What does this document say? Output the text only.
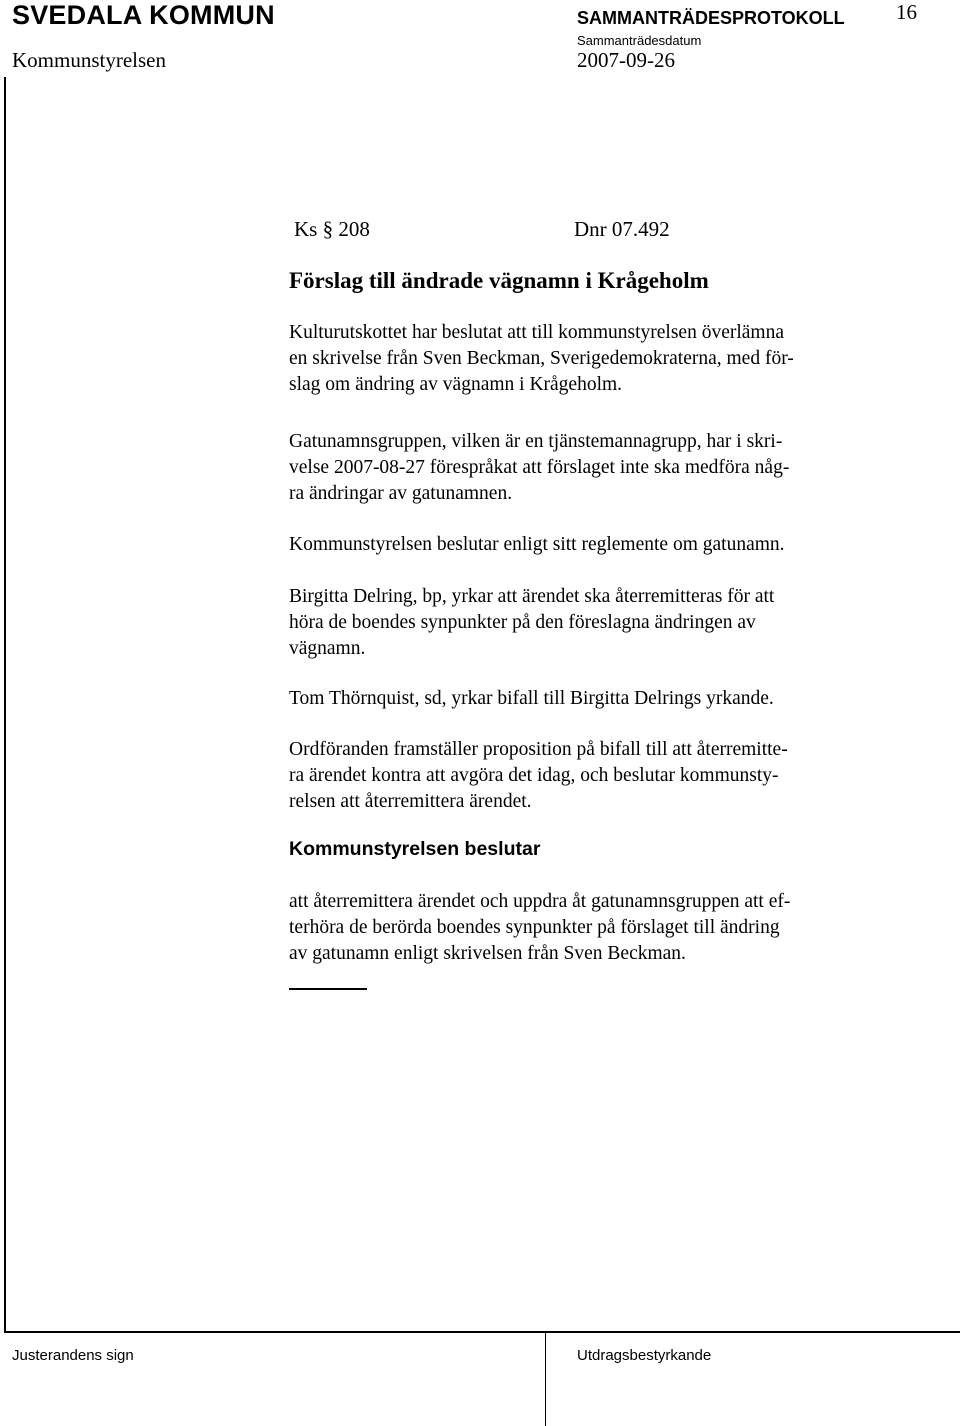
SVEDALA KOMMUN	SAMMANTRÄDESPROTOKOLL 16
Kommunstyrelsen
Sammanträdesdatum
2007-09-26
Ks § 208	Dnr 07.492
Förslag till ändrade vägnamn i Krågeholm
Kulturutskottet har beslutat att till kommunstyrelsen överlämna
en skrivelse från Sven Beckman, Sverigedemokraterna, med för-
slag om ändring av vägnamn i Krågeholm.
Gatunamnsgruppen, vilken är en tjänstemannagrupp, har i skri-
velse 2007-08-27 förespråkat att förslaget inte ska medföra någ-
ra ändringar av gatunamnen.
Kommunstyrelsen beslutar enligt sitt reglemente om gatunamn.
Birgitta Delring, bp, yrkar att ärendet ska återremitteras för att
höra de boendes synpunkter på den föreslagna ändringen av
vägnamn.
Tom Thörnquist, sd, yrkar bifall till Birgitta Delrings yrkande.
Ordföranden framställer proposition på bifall till att återremitte-
ra ärendet kontra att avgöra det idag, och beslutar kommunsty-
relsen att återremittera ärendet.
Kommunstyrelsen beslutar
att återremittera ärendet och uppdra åt gatunamnsgruppen att ef-
terhöra de berörda boendes synpunkter på förslaget till ändring
av gatunamn enligt skrivelsen från Sven Beckman.
Justerandens sign	Utdragsbestyrkande
